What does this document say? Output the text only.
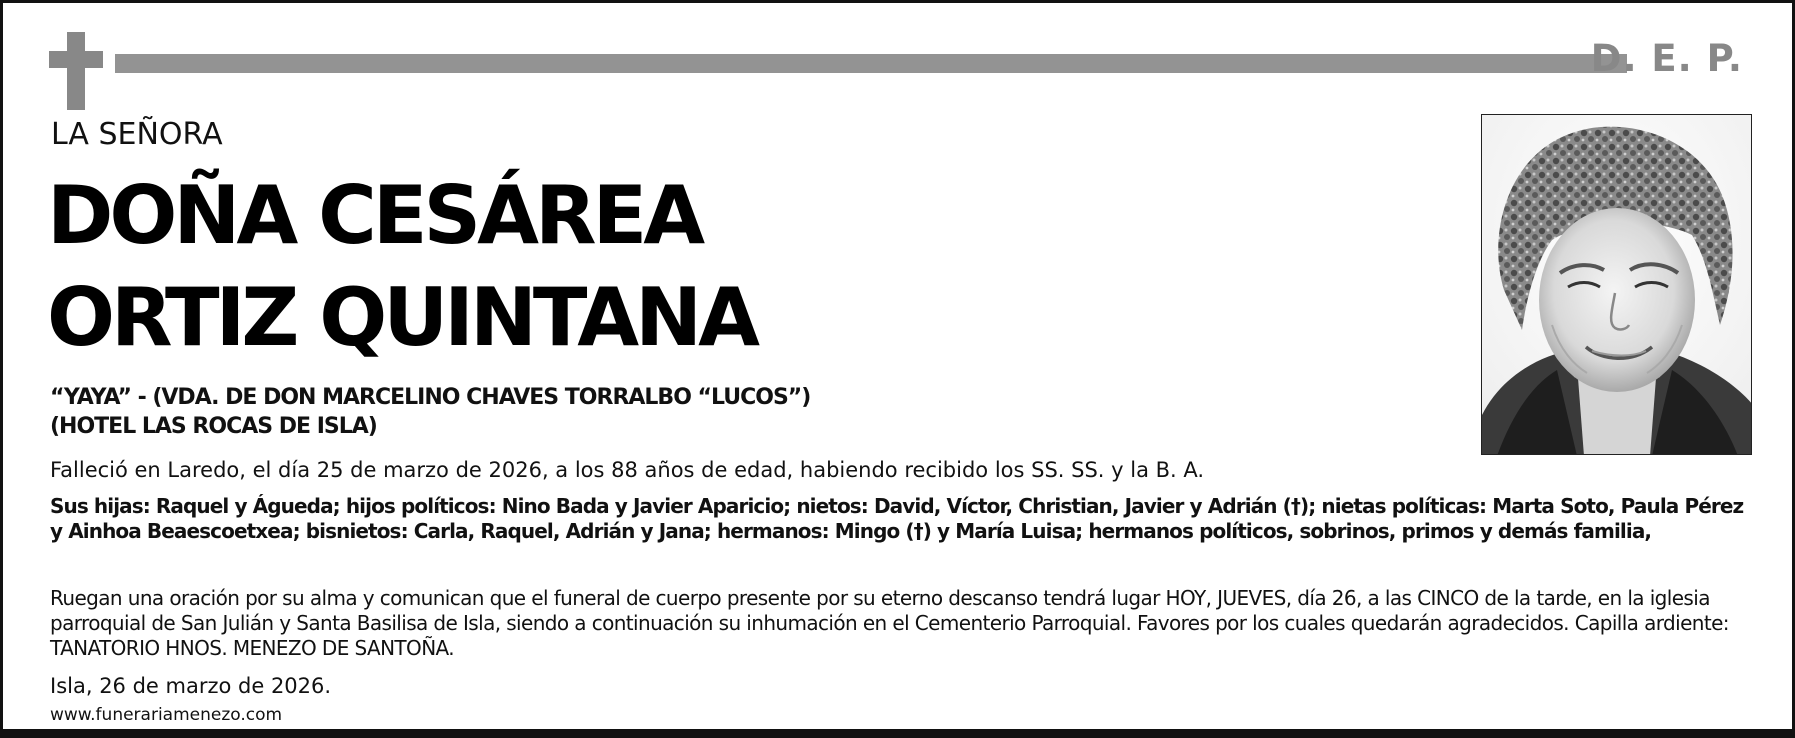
D. E. P.
LA SEÑORA
DOÑA CESÁREA
ORTIZ QUINTANA
“YAYA” - (VDA. DE DON MARCELINO CHAVES TORRALBO “LUCOS”)
(HOTEL LAS ROCAS DE ISLA)
Falleció en Laredo, el día 25 de marzo de 2026, a los 88 años de edad, habiendo recibido los SS. SS. y la B. A.
Sus hijas: Raquel y Águeda; hijos políticos: Nino Bada y Javier Aparicio; nietos: David, Víctor, Christian, Javier y Adrián (†); nietas políticas: Marta Soto, Paula Pérez y Ainhoa Beaescoetxea; bisnietos: Carla, Raquel, Adrián y Jana; hermanos: Mingo (†) y María Luisa; hermanos políticos, sobrinos, primos y demás familia,
Ruegan una oración por su alma y comunican que el funeral de cuerpo presente por su eterno descanso tendrá lugar HOY, JUEVES, día 26, a las CINCO de la tarde, en la iglesia parroquial de San Julián y Santa Basilisa de Isla, siendo a continuación su inhumación en el Cementerio Parroquial. Favores por los cuales quedarán agradecidos. Capilla ardiente: TANATORIO HNOS. MENEZO DE SANTOÑA.
Isla, 26 de marzo de 2026.
www.funerariamenezo.com
